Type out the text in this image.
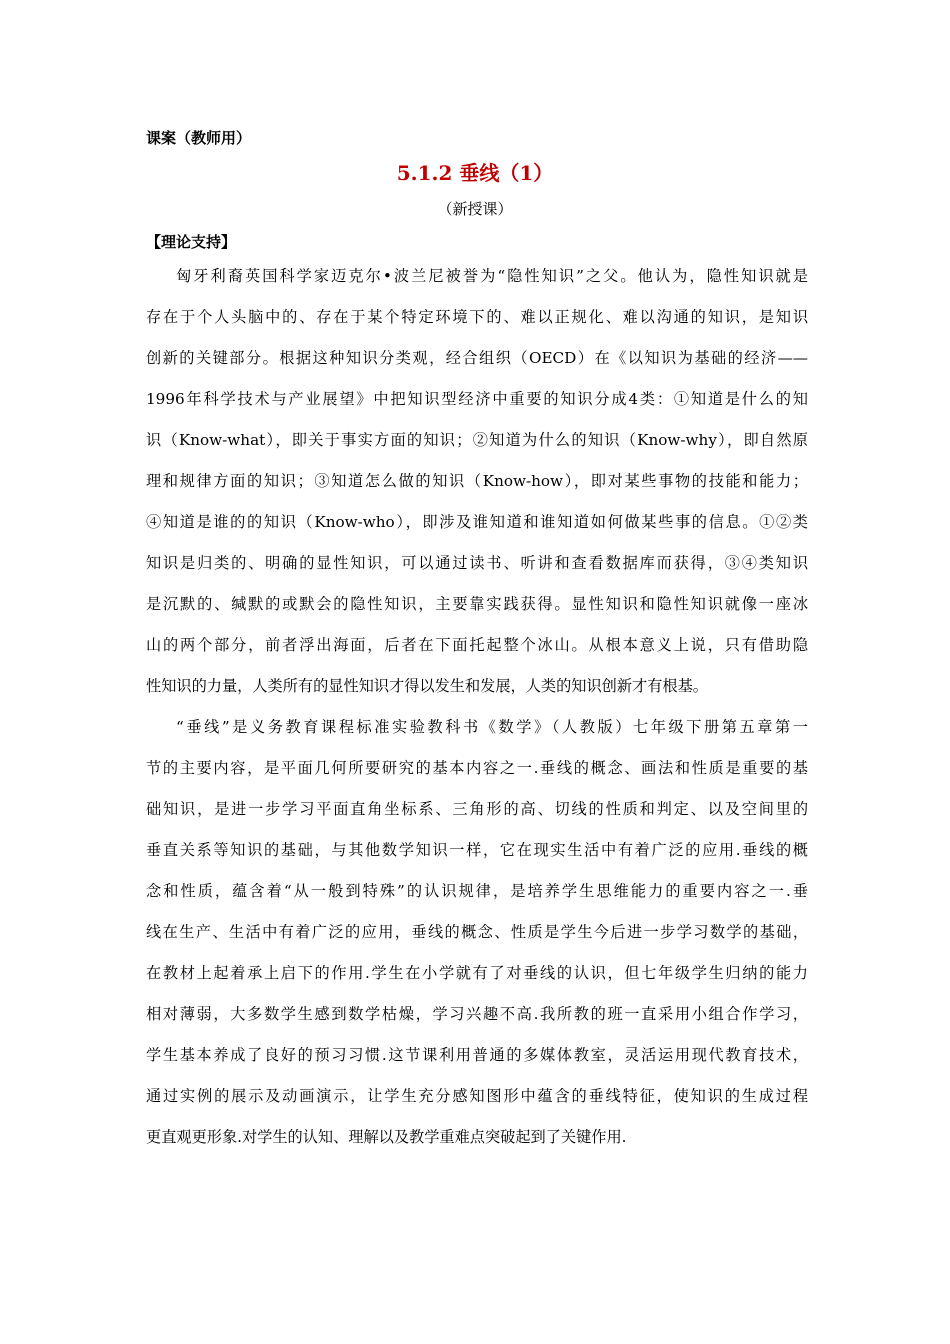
课案（教师用）
5.1.2 垂线（1）
（新授课）
【理论支持】
匈牙利裔英国科学家迈克尔•波兰尼被誉为“隐性知识”之父。他认为，隐性知识就是
存在于个人头脑中的、存在于某个特定环境下的、难以正规化、难以沟通的知识，是知识
创新的关键部分。根据这种知识分类观，经合组织（OECD）在《以知识为基础的经济——
1996年科学技术与产业展望》中把知识型经济中重要的知识分成4类：①知道是什么的知
识（Know-what），即关于事实方面的知识；②知道为什么的知识（Know-why），即自然原
理和规律方面的知识；③知道怎么做的知识（Know-how），即对某些事物的技能和能力；
④知道是谁的的知识（Know-who），即涉及谁知道和谁知道如何做某些事的信息。①②类
知识是归类的、明确的显性知识，可以通过读书、听讲和查看数据库而获得，③④类知识
是沉默的、缄默的或默会的隐性知识，主要靠实践获得。显性知识和隐性知识就像一座冰
山的两个部分，前者浮出海面，后者在下面托起整个冰山。从根本意义上说，只有借助隐
性知识的力量，人类所有的显性知识才得以发生和发展，人类的知识创新才有根基。
“垂线”是义务教育课程标准实验教科书《数学》（人教版）七年级下册第五章第一
节的主要内容，是平面几何所要研究的基本内容之一.垂线的概念、画法和性质是重要的基
础知识，是进一步学习平面直角坐标系、三角形的高、切线的性质和判定、以及空间里的
垂直关系等知识的基础，与其他数学知识一样，它在现实生活中有着广泛的应用.垂线的概
念和性质，蕴含着“从一般到特殊”的认识规律，是培养学生思维能力的重要内容之一.垂
线在生产、生活中有着广泛的应用，垂线的概念、性质是学生今后进一步学习数学的基础，
在教材上起着承上启下的作用.学生在小学就有了对垂线的认识，但七年级学生归纳的能力
相对薄弱，大多数学生感到数学枯燥，学习兴趣不高.我所教的班一直采用小组合作学习，
学生基本养成了良好的预习习惯.这节课利用普通的多媒体教室，灵活运用现代教育技术，
通过实例的展示及动画演示，让学生充分感知图形中蕴含的垂线特征，使知识的生成过程
更直观更形象.对学生的认知、理解以及教学重难点突破起到了关键作用.
